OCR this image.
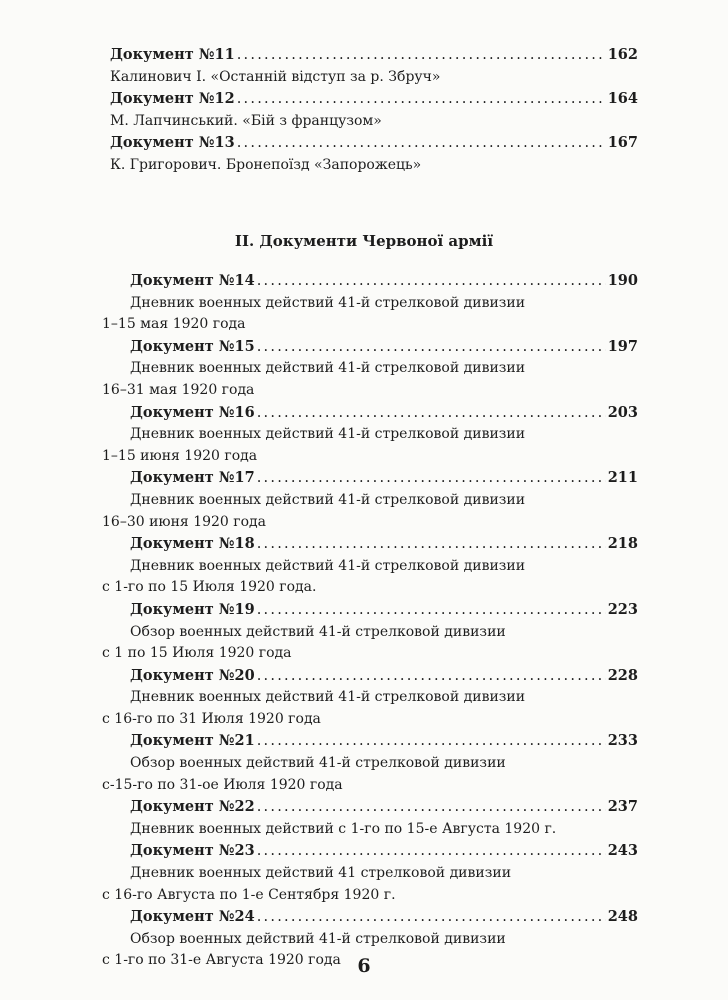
Документ №11 . . .	162
Калинович І. «Останній відступ за р. Збруч»
Документ №12 . . .	164
М. Лапчинський. «Бій з французом»
Документ №13 . . .	167
К. Григорович. Бронепоїзд «Запорожець»
II. Документи Червоної армії
Документ №14 . . .	190
Дневник военных действий 41-й стрелковой дивизии
1–15 мая 1920 года
Документ №15 . . .	197
Дневник военных действий 41-й стрелковой дивизии
16–31 мая 1920 года
Документ №16 . . .	203
Дневник военных действий 41-й стрелковой дивизии
1–15 июня 1920 года
Документ №17 . . .	211
Дневник военных действий 41-й стрелковой дивизии
16–30 июня 1920 года
Документ №18 . . .	218
Дневник военных действий 41-й стрелковой дивизии
с 1-го по 15 Июля 1920 года.
Документ №19 . . .	223
Обзор военных действий 41-й стрелковой дивизии
с 1 по 15 Июля 1920 года
Документ №20 . . .	228
Дневник военных действий 41-й стрелковой дивизии
с 16-го по 31 Июля 1920 года
Документ №21 . . .	233
Обзор военных действий 41-й стрелковой дивизии
с-15-го по 31-ое Июля 1920 года
Документ №22 . . .	237
Дневник военных действий с 1-го по 15-е Августа 1920 г.
Документ №23 . . .	243
Дневник военных действий 41 стрелковой дивизии
с 16-го Августа по 1-е Сентября 1920 г.
Документ №24 . . .	248
Обзор военных действий 41-й стрелковой дивизии
с 1-го по 31-е Августа 1920 года 6
